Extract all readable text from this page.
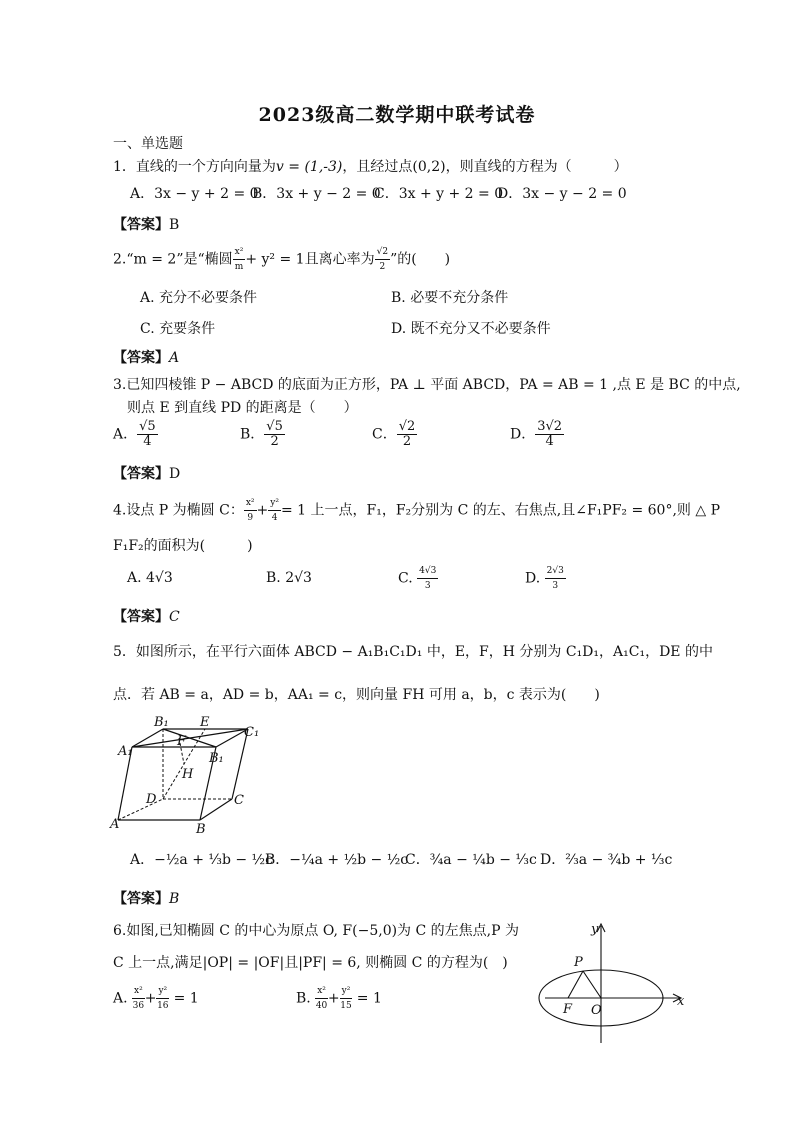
2023级高二数学期中联考试卷
一、单选题
1．直线的一个方向向量为v = (1,-3)，且经过点(0,2)，则直线的方程为（　　　）
A．3x − y + 2 = 0
B．3x + y − 2 = 0
C．3x + y + 2 = 0
D．3x − y − 2 = 0
【答案】B
2.“m = 2”是“椭圆 $\frac{\text{x²}}{m} + y^2 = 1$且离心率为 $\frac{√2}{2}$ ”的(　　)
A. 充分不必要条件	B. 必要不充分条件
C. 充要条件	D. 既不充分又不必要条件
【答案】A
3.已知四棱锥 P − ABCD 的底面为正方形，PA ⊥ 平面 ABCD，PA = AB = 1 ,点 E 是 BC 的中点,
则点 E 到直线 PD 的距离是（　　）
A． $\frac{√5}{4}$	B． $\frac{√5}{2}$	C． $\frac{√2}{2}$	D． $\frac{3√2}{4}$
【答案】D
4.设点 P 为椭圆 C： $\frac{\text{x²}}{9} + \frac{\text{y²}}{4} = 1$ 上一点，F₁，F₂分别为 C 的左、右焦点,且∠F₁PF₂ = 60°,则 △ P
F₁F₂的面积为(　　　)
A. 4√3	B. 2√3	C. $\frac{4√3}{3}$	D. $\frac{2√3}{3}$
【答案】C
5．如图所示，在平行六面体 ABCD − A₁B₁C₁D₁ 中，E，F，H 分别为 C₁D₁，A₁C₁，DE 的中
点．若 AB = a，AD = b，AA₁ = c，则向量 FH 可用 a，b，c 表示为(　　)
B₁ E
C₁
A₁
F
B₁
H
D	C
A	B
A．−½a + ⅓b − ½c
B．−¼a + ½b − ½c
C．¾a − ¼b − ⅓c D．⅔a − ¾b + ⅓c
【答案】B
6.如图,已知椭圆 C 的中心为原点 O, F(−5,0)为 C 的左焦点,P 为
C 上一点,满足|OP| = |OF|且|PF| = 6, 则椭圆 C 的方程为(　)
A. $\frac{\text{x²}}{36} + \frac{\text{y²}}{16} = 1$	B. $\frac{\text{x²}}{40} + \frac{\text{y²}}{15} = 1$
y
x
P
F O
